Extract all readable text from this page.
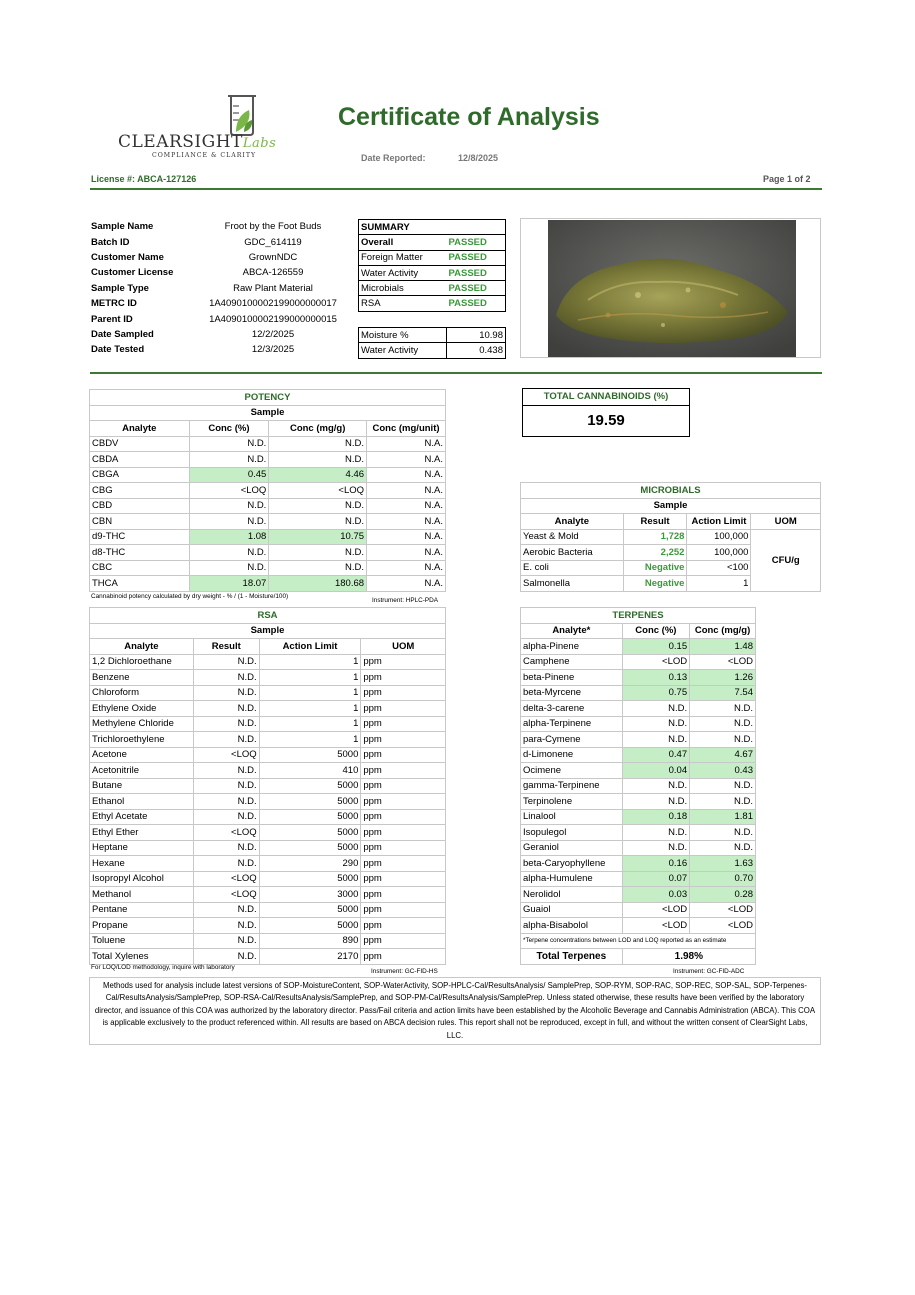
CLEARSIGHTLabs
COMPLIANCE & CLARITY
Certificate of Analysis
Date Reported:	12/8/2025
License #: ABCA-127126	Page 1 of 2
Sample Name	Froot by the Foot Buds
Batch ID	GDC_614119
Customer Name	GrownNDC
Customer License	ABCA-126559
Sample Type	Raw Plant Material
METRC ID	1A4090100002199000000017
Parent ID	1A4090100002199000000015
Date Sampled	12/2/2025
Date Tested	12/3/2025
SUMMARY	
Overall	PASSED
Foreign Matter	PASSED
Water Activity	PASSED
Microbials	PASSED
RSA	PASSED
Moisture %	10.98
Water Activity	0.438
POTENCY			
Sample			
Analyte	Conc (%)	Conc (mg/g)	Conc (mg/unit)
CBDV	N.D.	N.D.	N.A.
CBDA	N.D.	N.D.	N.A.
CBGA	0.45	4.46	N.A.
CBG	<LOQ	<LOQ	N.A.
CBD	N.D.	N.D.	N.A.
CBN	N.D.	N.D.	N.A.
d9-THC	1.08	10.75	N.A.
d8-THC	N.D.	N.D.	N.A.
CBC	N.D.	N.D.	N.A.
THCA	18.07	180.68	N.A.
Cannabinoid potency calculated by dry weight - % / (1 - Moisture/100)
Instrument: HPLC-PDA
TOTAL CANNABINOIDS (%)
19.59
MICROBIALS			
Sample			
Analyte	Result	Action Limit	UOM
Yeast & Mold	1,728	100,000	CFU/g
Aerobic Bacteria	2,252	100,000	
E. coli	Negative	<100	
Salmonella	Negative	1	
RSA			
Sample			
Analyte	Result	Action Limit	UOM
1,2 Dichloroethane	N.D.	1	ppm
Benzene	N.D.	1	ppm
Chloroform	N.D.	1	ppm
Ethylene Oxide	N.D.	1	ppm
Methylene Chloride	N.D.	1	ppm
Trichloroethylene	N.D.	1	ppm
Acetone	<LOQ	5000	ppm
Acetonitrile	N.D.	410	ppm
Butane	N.D.	5000	ppm
Ethanol	N.D.	5000	ppm
Ethyl Acetate	N.D.	5000	ppm
Ethyl Ether	<LOQ	5000	ppm
Heptane	N.D.	5000	ppm
Hexane	N.D.	290	ppm
Isopropyl Alcohol	<LOQ	5000	ppm
Methanol	<LOQ	3000	ppm
Pentane	N.D.	5000	ppm
Propane	N.D.	5000	ppm
Toluene	N.D.	890	ppm
Total Xylenes	N.D.	2170	ppm
For LOQ/LOD methodology, inquire with laboratory
Instrument: GC-FID-HS
TERPENES		
Analyte*	Conc (%)	Conc (mg/g)
alpha-Pinene	0.15	1.48
Camphene	<LOD	<LOD
beta-Pinene	0.13	1.26
beta-Myrcene	0.75	7.54
delta-3-carene	N.D.	N.D.
alpha-Terpinene	N.D.	N.D.
para-Cymene	N.D.	N.D.
d-Limonene	0.47	4.67
Ocimene	0.04	0.43
gamma-Terpinene	N.D.	N.D.
Terpinolene	N.D.	N.D.
Linalool	0.18	1.81
Isopulegol	N.D.	N.D.
Geraniol	N.D.	N.D.
beta-Caryophyllene	0.16	1.63
alpha-Humulene	0.07	0.70
Nerolidol	0.03	0.28
Guaiol	<LOD	<LOD
alpha-Bisabolol	<LOD	<LOD
*Terpene concentrations between LOD and LOQ reported as an estimate		
Total Terpenes	1.98%	
Instrument: GC-FID-ADC
Methods used for analysis include latest versions of SOP-MoistureContent, SOP-WaterActivity, SOP-HPLC-Cal/ResultsAnalysis/ SamplePrep, SOP-RYM, SOP-RAC, SOP-REC, SOP-SAL, SOP-Terpenes-Cal/ResultsAnalysis/SamplePrep, SOP-RSA-Cal/ResultsAnalysis/SamplePrep, and SOP-PM-Cal/ResultsAnalysis/SamplePrep. Unless stated otherwise, these results have been verified by the laboratory director, and issuance of this COA was authorized by the laboratory director. Pass/Fail criteria and action limits have been established by the Alcoholic Beverage and Cannabis Administration (ABCA). This COA is applicable exclusively to the product referenced within. All results are based on ABCA decision rules. This report shall not be reproduced, except in full, and without the written consent of ClearSight Labs, LLC.
